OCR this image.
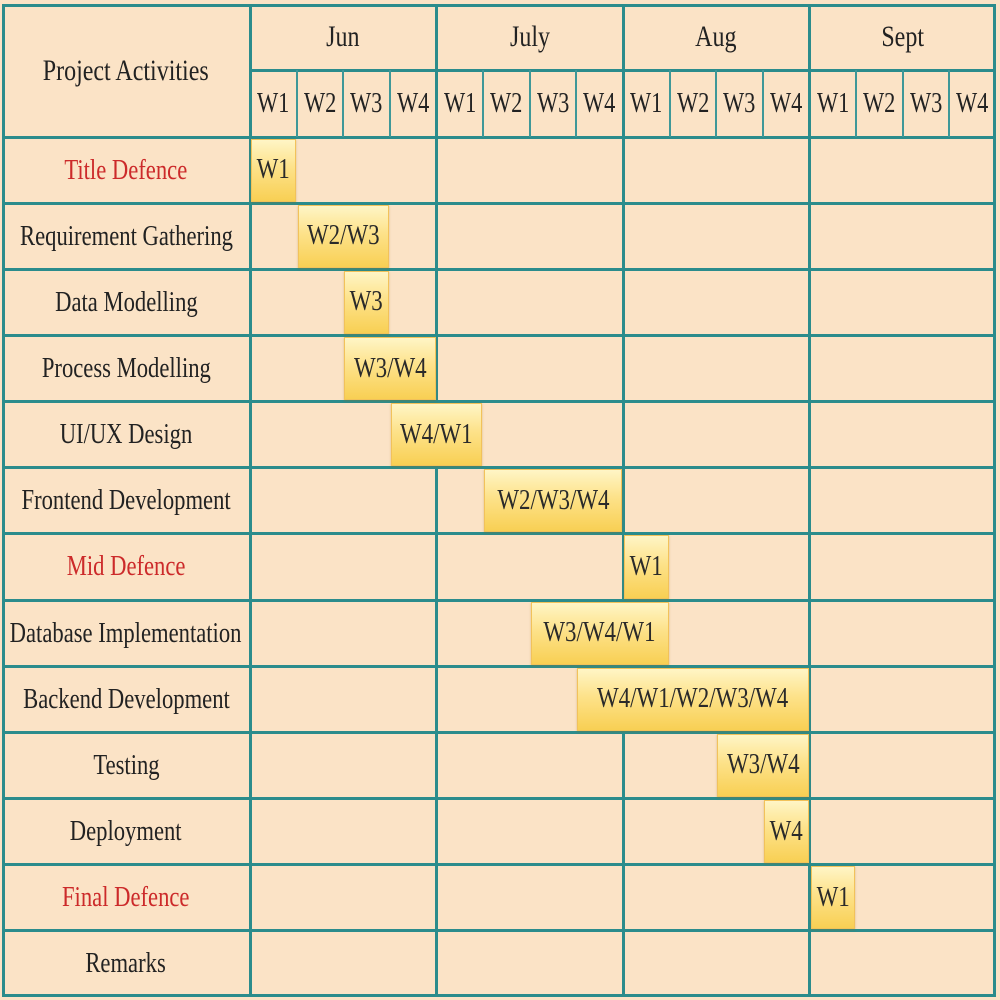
Project Activities
Jun
W1 W2 W3 W4
July
W1 W2 W3 W4
Aug
W1 W2 W3 W4
Sept
W1 W2 W3 W4
Title Defence
Requirement Gathering
Data Modelling
Process Modelling
UI/UX Design
Frontend Development
Mid Defence
Database Implementation
Backend Development
Testing
Deployment
Final Defence
Remarks
W1
W2/W3
W3
W3/W4
W4/W1
W2/W3/W4
W1
W3/W4/W1
W4/W1/W2/W3/W4
W3/W4
W4
W1
